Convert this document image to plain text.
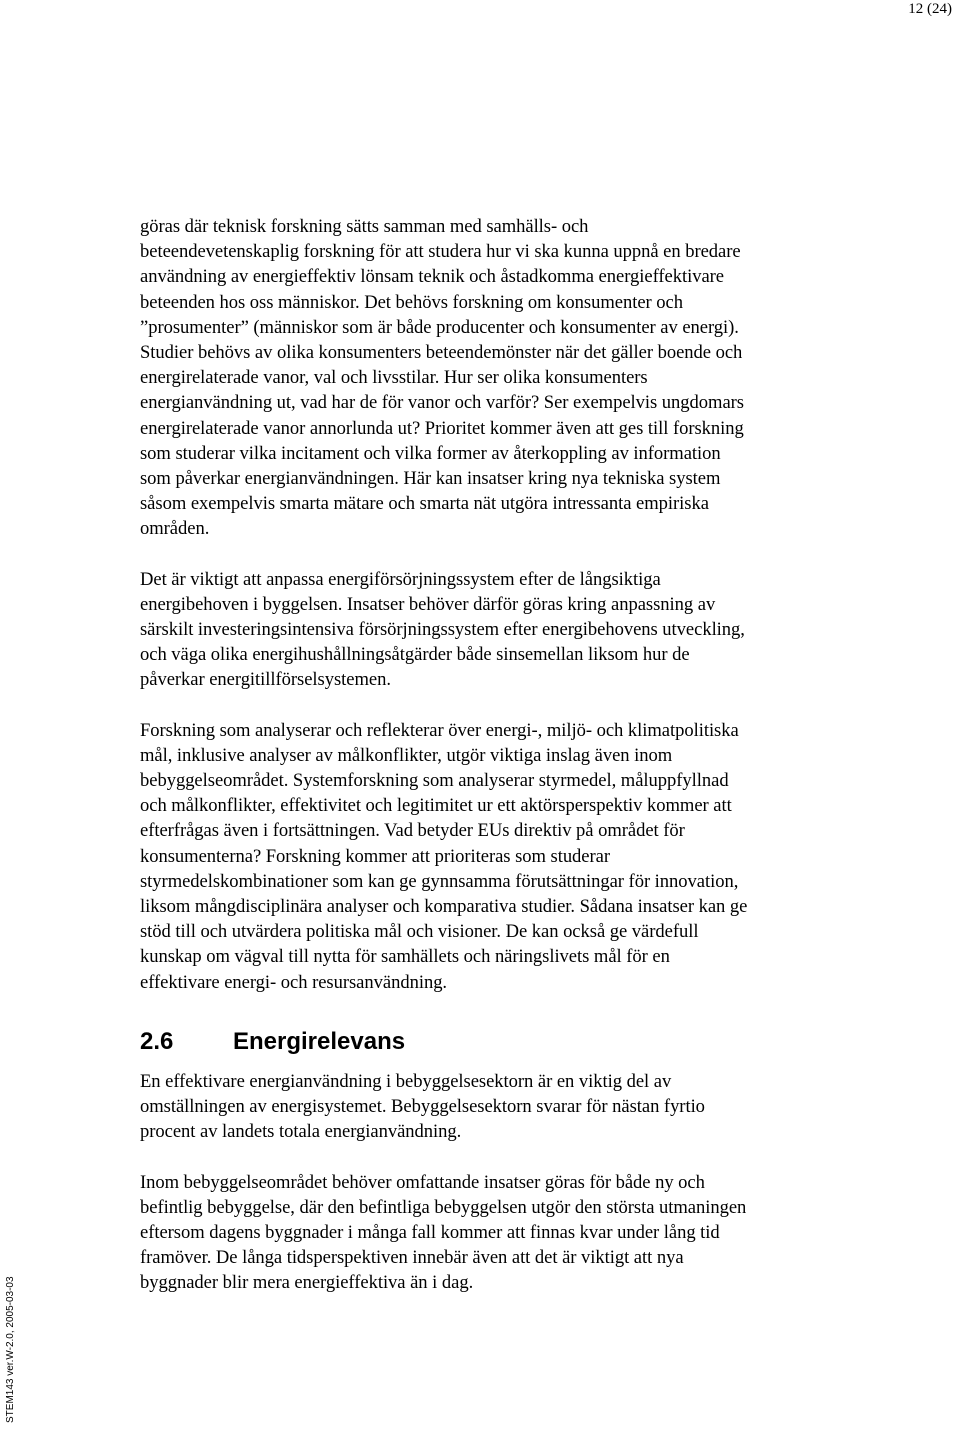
12 (24)

göras där teknisk forskning sätts samman med samhälls- och
beteendevetenskaplig forskning för att studera hur vi ska kunna uppnå en bredare
användning av energieffektiv lönsam teknik och åstadkomma energieffektivare
beteenden hos oss människor. Det behövs forskning om konsumenter och
”prosumenter” (människor som är både producenter och konsumenter av energi).
Studier behövs av olika konsumenters beteendemönster när det gäller boende och
energirelaterade vanor, val och livsstilar. Hur ser olika konsumenters
energianvändning ut, vad har de för vanor och varför? Ser exempelvis ungdomars
energirelaterade vanor annorlunda ut? Prioritet kommer även att ges till forskning
som studerar vilka incitament och vilka former av återkoppling av information
som påverkar energianvändningen. Här kan insatser kring nya tekniska system
såsom exempelvis smarta mätare och smarta nät utgöra intressanta empiriska
områden.

Det är viktigt att anpassa energiförsörjningssystem efter de långsiktiga
energibehoven i byggelsen. Insatser behöver därför göras kring anpassning av
särskilt investeringsintensiva försörjningssystem efter energibehovens utveckling,
och väga olika energihushållningsåtgärder både sinsemellan liksom hur de
påverkar energitillförselsystemen.

Forskning som analyserar och reflekterar över energi-, miljö- och klimatpolitiska
mål, inklusive analyser av målkonflikter, utgör viktiga inslag även inom
bebyggelseområdet. Systemforskning som analyserar styrmedel, måluppfyllnad
och målkonflikter, effektivitet och legitimitet ur ett aktörsperspektiv kommer att
efterfrågas även i fortsättningen. Vad betyder EUs direktiv på området för
konsumenterna? Forskning kommer att prioriteras som studerar
styrmedelskombinationer som kan ge gynnsamma förutsättningar för innovation,
liksom mångdisciplinära analyser och komparativa studier. Sådana insatser kan ge
stöd till och utvärdera politiska mål och visioner. De kan också ge värdefull
kunskap om vägval till nytta för samhällets och näringslivets mål för en
effektivare energi- och resursanvändning.

2.6	Energirelevans

En effektivare energianvändning i bebyggelsesektorn är en viktig del av
omställningen av energisystemet. Bebyggelsesektorn svarar för nästan fyrtio
procent av landets totala energianvändning.

Inom bebyggelseområdet behöver omfattande insatser göras för både ny och
befintlig bebyggelse, där den befintliga bebyggelsen utgör den största utmaningen
eftersom dagens byggnader i många fall kommer att finnas kvar under lång tid
framöver. De långa tidsperspektiven innebär även att det är viktigt att nya
byggnader blir mera energieffektiva än i dag.

STEM143 ver.W-2.0, 2005-03-03
